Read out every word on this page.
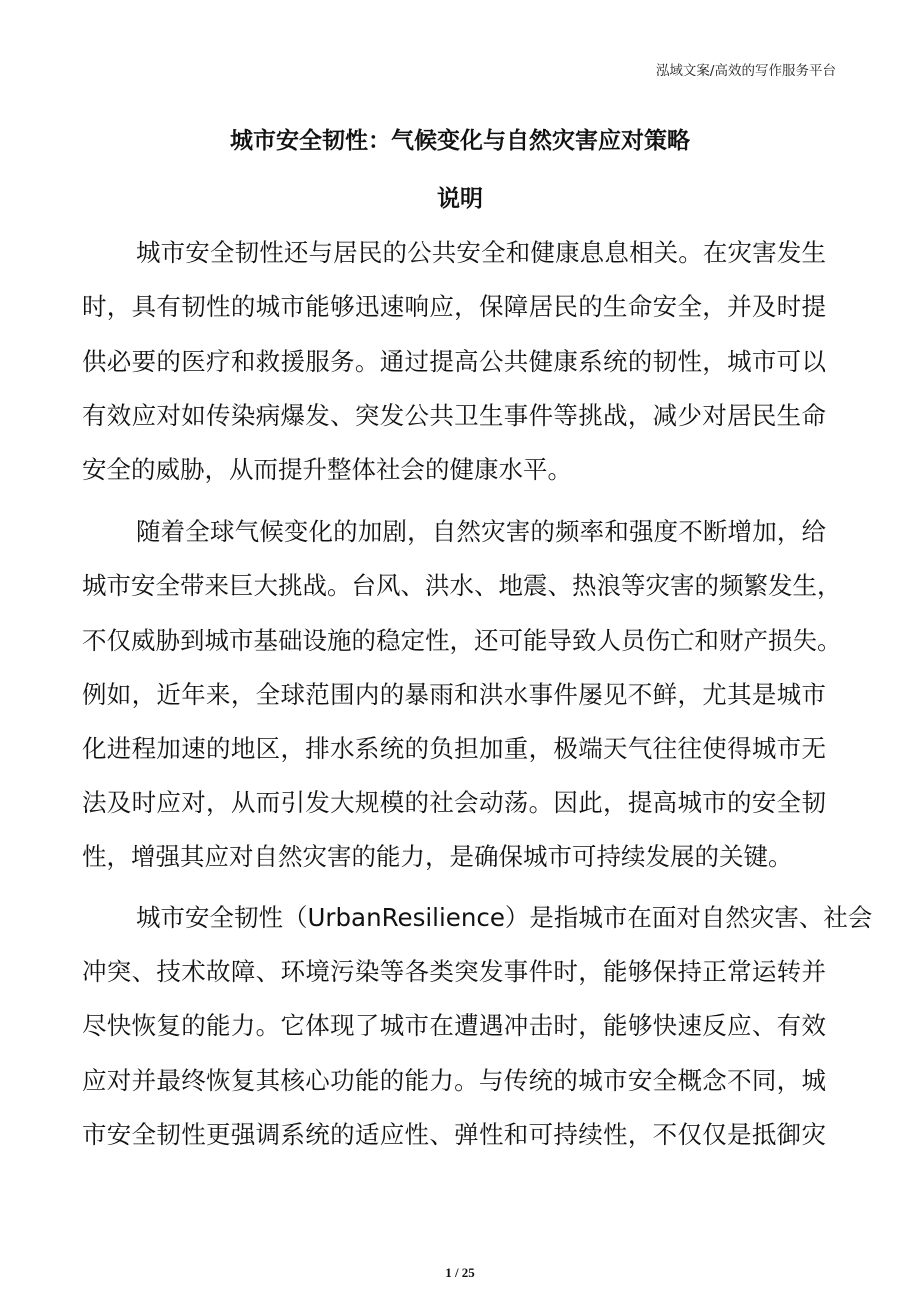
泓域文案/高效的写作服务平台
城市安全韧性：气候变化与自然灾害应对策略
说明
城市安全韧性还与居民的公共安全和健康息息相关。在灾害发生
时，具有韧性的城市能够迅速响应，保障居民的生命安全，并及时提
供必要的医疗和救援服务。通过提高公共健康系统的韧性，城市可以
有效应对如传染病爆发、突发公共卫生事件等挑战，减少对居民生命
安全的威胁，从而提升整体社会的健康水平。
随着全球气候变化的加剧，自然灾害的频率和强度不断增加，给
城市安全带来巨大挑战。台风、洪水、地震、热浪等灾害的频繁发生，
不仅威胁到城市基础设施的稳定性，还可能导致人员伤亡和财产损失。
例如，近年来，全球范围内的暴雨和洪水事件屡见不鲜，尤其是城市
化进程加速的地区，排水系统的负担加重，极端天气往往使得城市无
法及时应对，从而引发大规模的社会动荡。因此，提高城市的安全韧
性，增强其应对自然灾害的能力，是确保城市可持续发展的关键。
城市安全韧性（UrbanResilience）是指城市在面对自然灾害、社会
冲突、技术故障、环境污染等各类突发事件时，能够保持正常运转并
尽快恢复的能力。它体现了城市在遭遇冲击时，能够快速反应、有效
应对并最终恢复其核心功能的能力。与传统的城市安全概念不同，城
市安全韧性更强调系统的适应性、弹性和可持续性，不仅仅是抵御灾
1 / 25
